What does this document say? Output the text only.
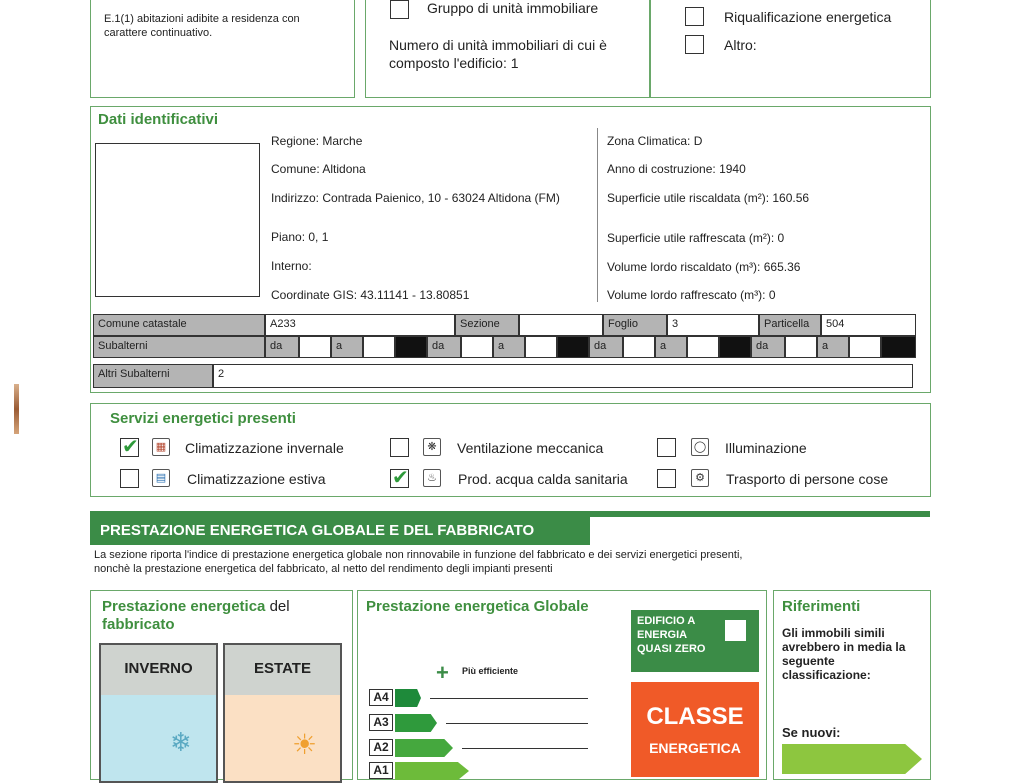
E.1(1) abitazioni adibite a residenza con carattere continuativo.
Gruppo di unità immobiliare
Numero di unità immobiliari di cui è composto l'edificio: 1
Riqualificazione energetica
Altro:
Dati identificativi
Regione: Marche
Comune: Altidona
Indirizzo: Contrada Paienico, 10 - 63024 Altidona (FM)
Piano: 0, 1
Interno:
Coordinate GIS: 43.11141 - 13.80851
Zona Climatica: D
Anno di costruzione: 1940
Superficie utile riscaldata (m²): 160.56
Superficie utile raffrescata (m²): 0
Volume lordo riscaldato (m³): 665.36
Volume lordo raffrescato (m³): 0
Comune catastale	A233	Sezione	Foglio	3	Particella	504
Subalterni	da	a	da	a	da	a	da	a
Altri Subalterni	2
Servizi energetici presenti
✔
▦ Climatizzazione invernale	❋	Ventilazione meccanica	◯ Illuminazione
▤ Climatizzazione estiva
✔	♨ Prod. acqua calda sanitaria	⚙ Trasporto di persone cose
PRESTAZIONE ENERGETICA GLOBALE E DEL FABBRICATO
La sezione riporta l'indice di prestazione energetica globale non rinnovabile in funzione del fabbricato e dei servizi energetici presenti,
nonchè la prestazione energetica del fabbricato, al netto del rendimento degli impianti presenti
Prestazione energetica del
fabbricato
INVERNO
❄
ESTATE
☀
Prestazione energetica Globale
+ Più efficiente
A4
A3
A2
A1
EDIFICIO A ENERGIA QUASI ZERO
CLASSE
ENERGETICA
Riferimenti
Gli immobili simili avrebbero in media la seguente classificazione:
Se nuovi:
